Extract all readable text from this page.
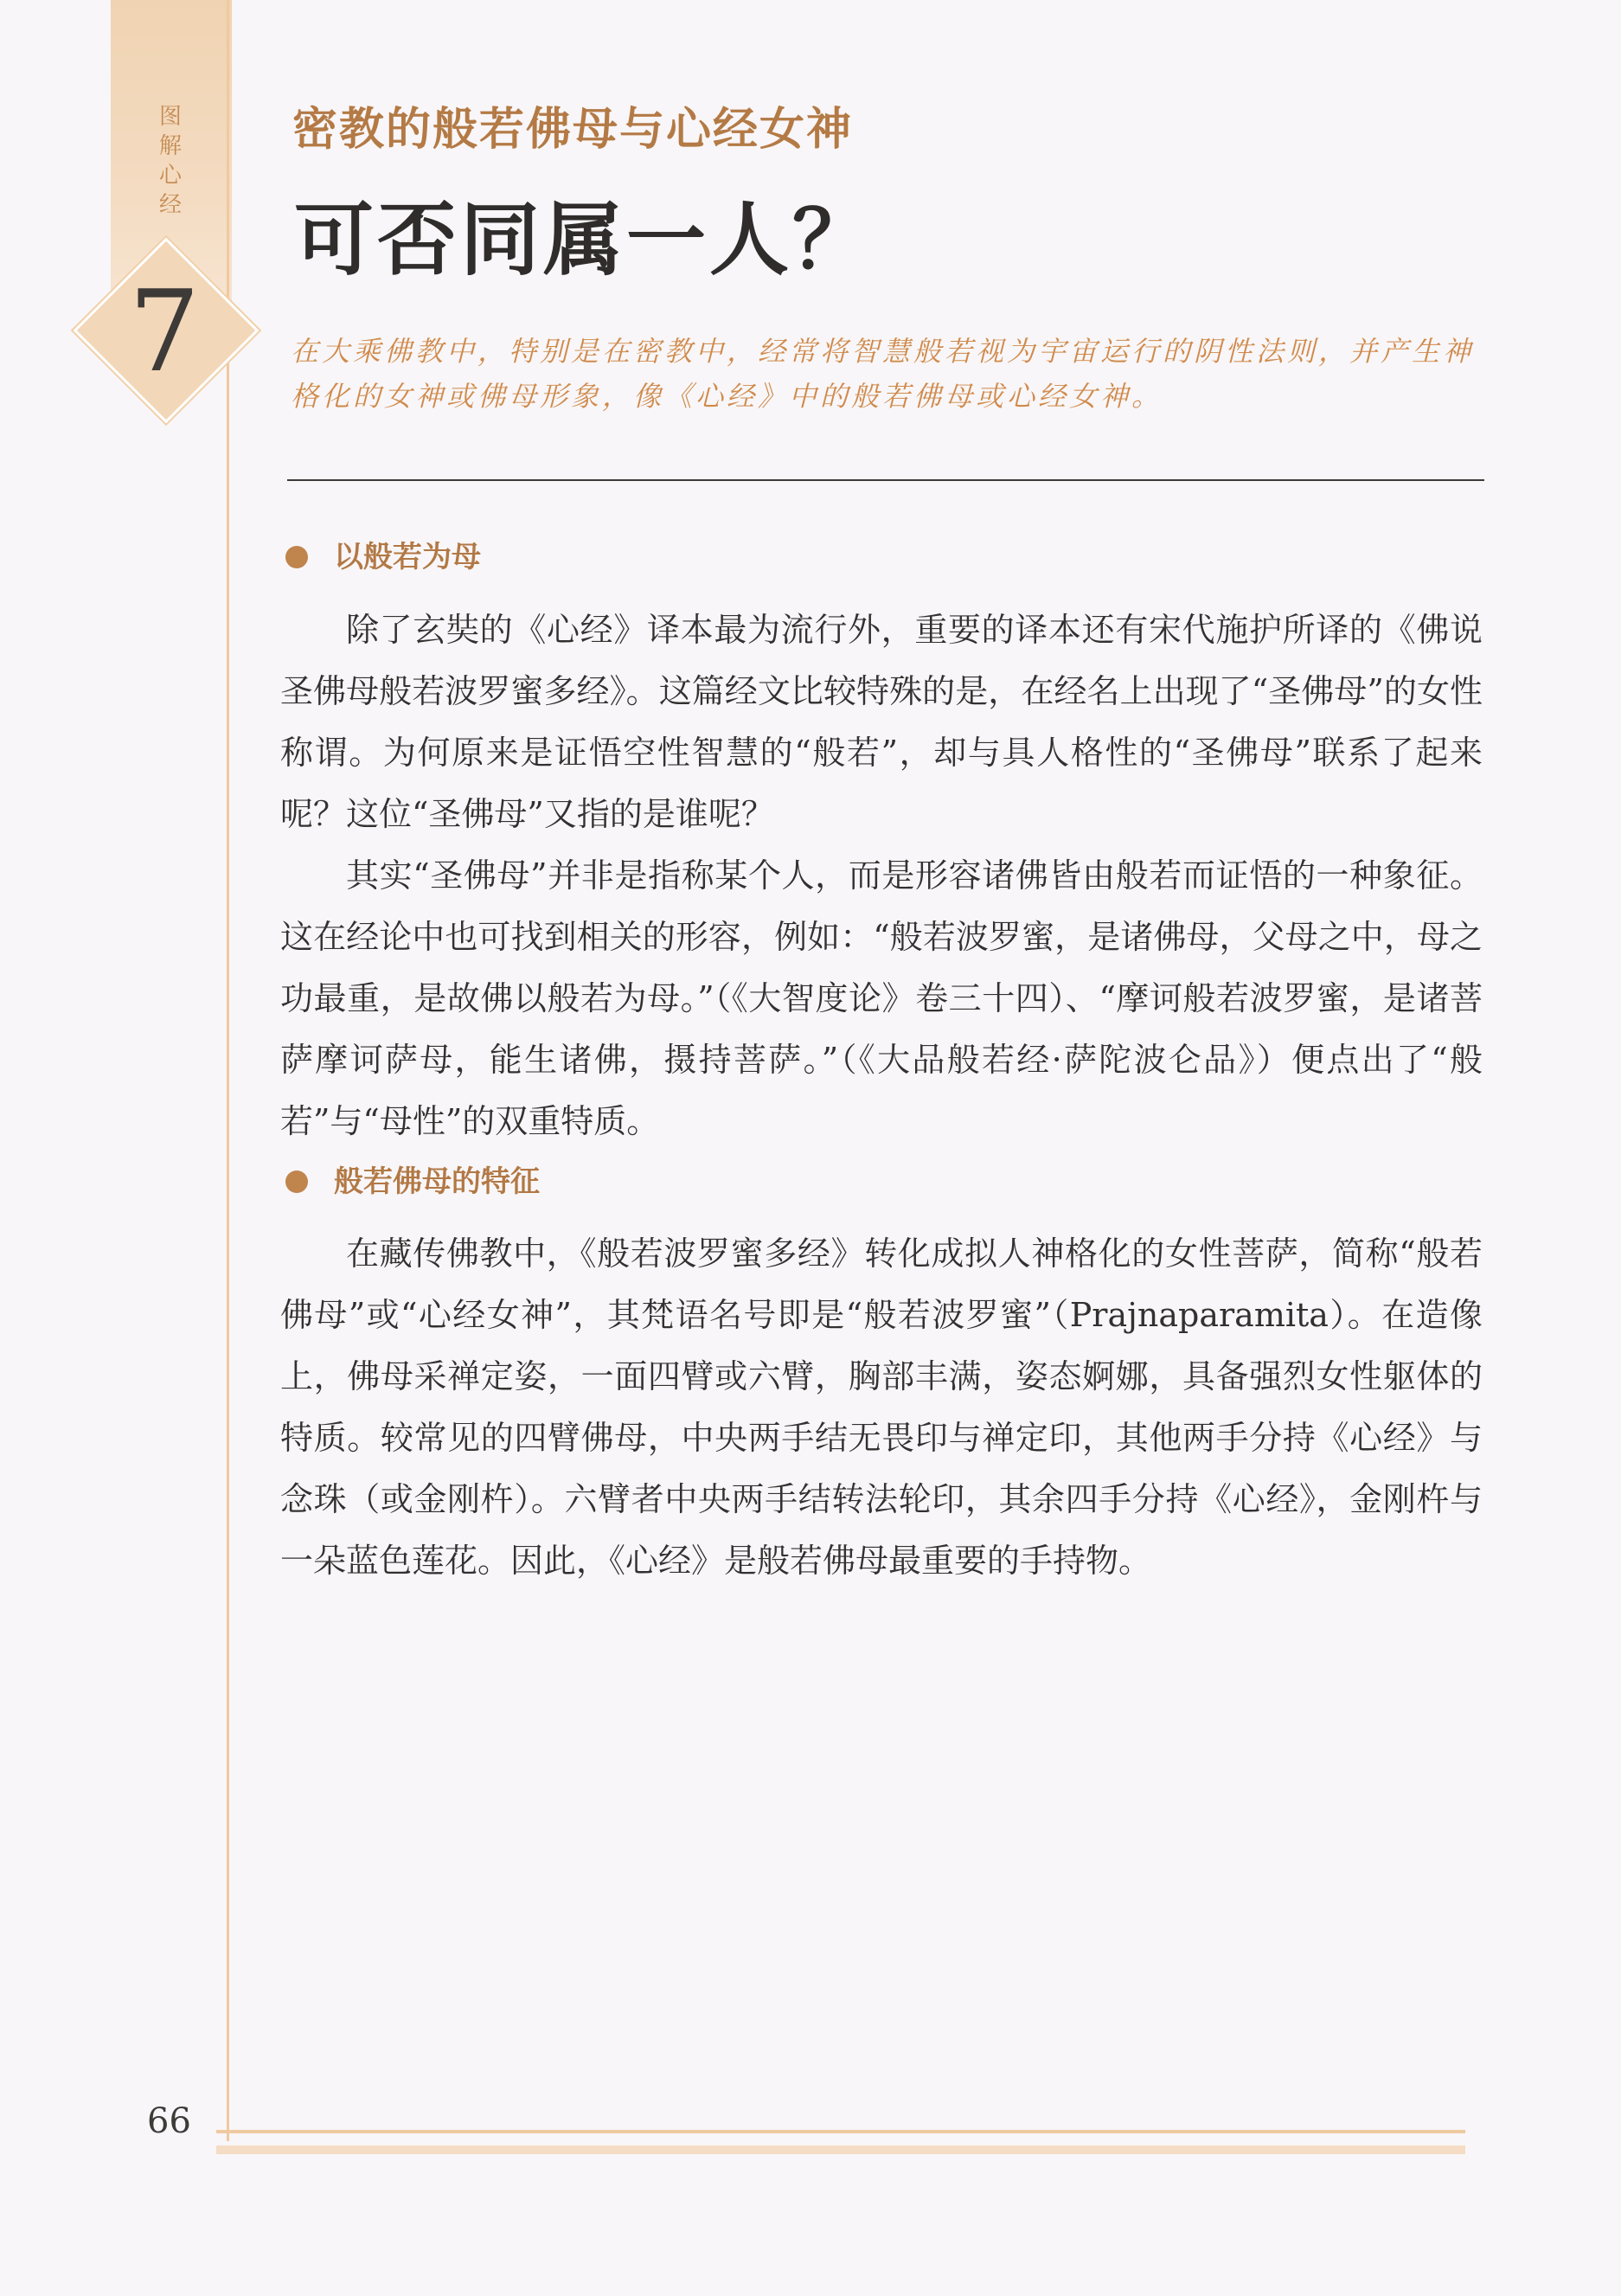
图解心经
7
密教的般若佛母与心经女神
可否同属一人？
在大乘佛教中，特别是在密教中，经常将智慧般若视为宇宙运行的阴性法则，并产生神格化的女神或佛母形象，像《心经》中的般若佛母或心经女神。
以般若为母

除了玄奘的《心经》译本最为流行外，重要的译本还有宋代施护所译的《佛说圣佛母般若波罗蜜多经》。这篇经文比较特殊的是，在经名上出现了“圣佛母”的女性称谓。为何原来是证悟空性智慧的“般若”，却与具人格性的“圣佛母”联系了起来呢？这位“圣佛母”又指的是谁呢？

其实“圣佛母”并非是指称某个人，而是形容诸佛皆由般若而证悟的一种象征。这在经论中也可找到相关的形容，例如：“般若波罗蜜，是诸佛母，父母之中，母之功最重，是故佛以般若为母。”（《大智度论》卷三十四）、“摩诃般若波罗蜜，是诸菩萨摩诃萨母，能生诸佛，摄持菩萨。”（《大品般若经·萨陀波仑品》）便点出了“般若”与“母性”的双重特质。

般若佛母的特征

在藏传佛教中，《般若波罗蜜多经》转化成拟人神格化的女性菩萨，简称“般若佛母”或“心经女神”，其梵语名号即是“般若波罗蜜”（Prajnaparamita）。在造像上，佛母采禅定姿，一面四臂或六臂，胸部丰满，姿态婀娜，具备强烈女性躯体的特质。较常见的四臂佛母，中央两手结无畏印与禅定印，其他两手分持《心经》与念珠（或金刚杵）。六臂者中央两手结转法轮印，其余四手分持《心经》，金刚杵与一朵蓝色莲花。因此，《心经》是般若佛母最重要的手持物。

66
